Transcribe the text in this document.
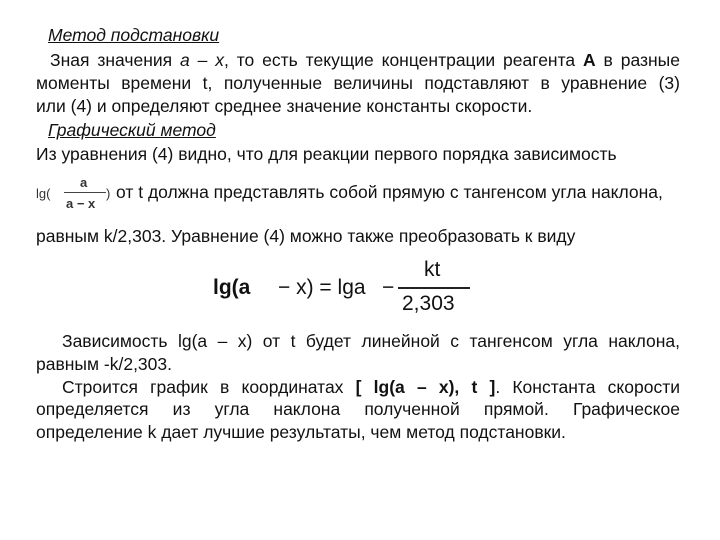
Метод подстановки
Зная значения а – х, то есть текущие концентрации реагента А в разные
моменты времени t, полученные величины подставляют в уравнение (3)
или (4) и определяют среднее значение константы скорости.
Графический метод
Из уравнения (4) видно, что для реакции первого порядка зависимость
lg(
a
a − x
) от t должна представлять собой прямую с тангенсом угла наклона,
равным k/2,303. Уравнение (4) можно также преобразовать к виду
lg(a − x) = lga −
kt
2,303
Зависимость lg(а – х) от t будет линейной с тангенсом угла наклона,
равным -k/2,303.
Строится график в координатах [ lg(а – х), t ]. Константа скорости
определяется из угла наклона полученной прямой. Графическое
определение k дает лучшие результаты, чем метод подстановки.
